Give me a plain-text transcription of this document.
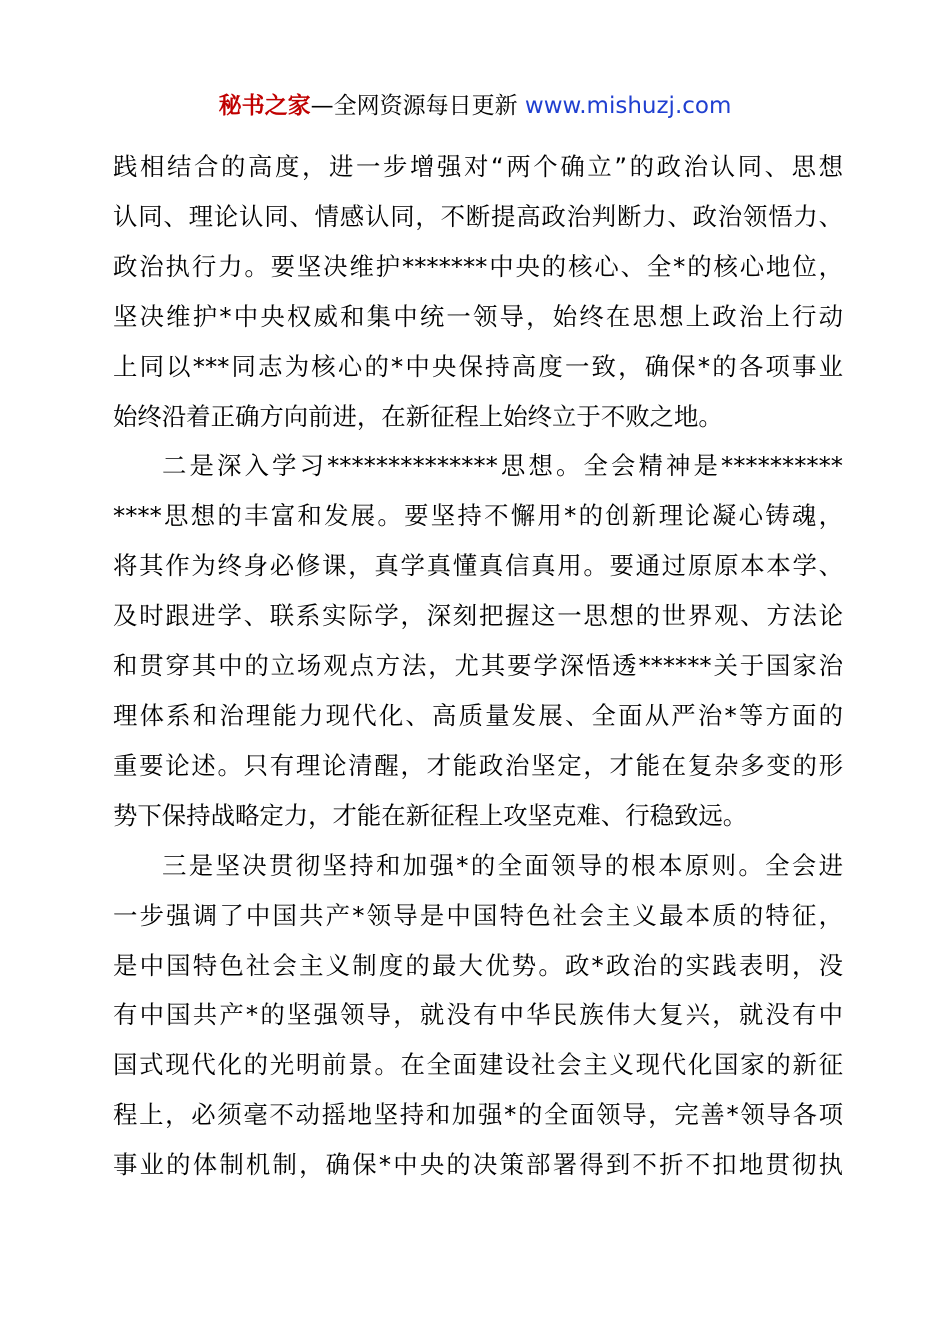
秘书之家—全网资源每日更新 www.mishuzj.com
践相结合的高度，进一步增强对“两个确立”的政治认同、思想
认同、理论认同、情感认同，不断提高政治判断力、政治领悟力、
政治执行力。要坚决维护*******中央的核心、全*的核心地位，
坚决维护*中央权威和集中统一领导，始终在思想上政治上行动
上同以***同志为核心的*中央保持高度一致，确保*的各项事业
始终沿着正确方向前进，在新征程上始终立于不败之地。
二是深入学习**************思想。全会精神是**********
****思想的丰富和发展。要坚持不懈用*的创新理论凝心铸魂，
将其作为终身必修课，真学真懂真信真用。要通过原原本本学、
及时跟进学、联系实际学，深刻把握这一思想的世界观、方法论
和贯穿其中的立场观点方法，尤其要学深悟透******关于国家治
理体系和治理能力现代化、高质量发展、全面从严治*等方面的
重要论述。只有理论清醒，才能政治坚定，才能在复杂多变的形
势下保持战略定力，才能在新征程上攻坚克难、行稳致远。
三是坚决贯彻坚持和加强*的全面领导的根本原则。全会进
一步强调了中国共产*领导是中国特色社会主义最本质的特征，
是中国特色社会主义制度的最大优势。政*政治的实践表明，没
有中国共产*的坚强领导，就没有中华民族伟大复兴，就没有中
国式现代化的光明前景。在全面建设社会主义现代化国家的新征
程上，必须毫不动摇地坚持和加强*的全面领导，完善*领导各项
事业的体制机制，确保*中央的决策部署得到不折不扣地贯彻执
